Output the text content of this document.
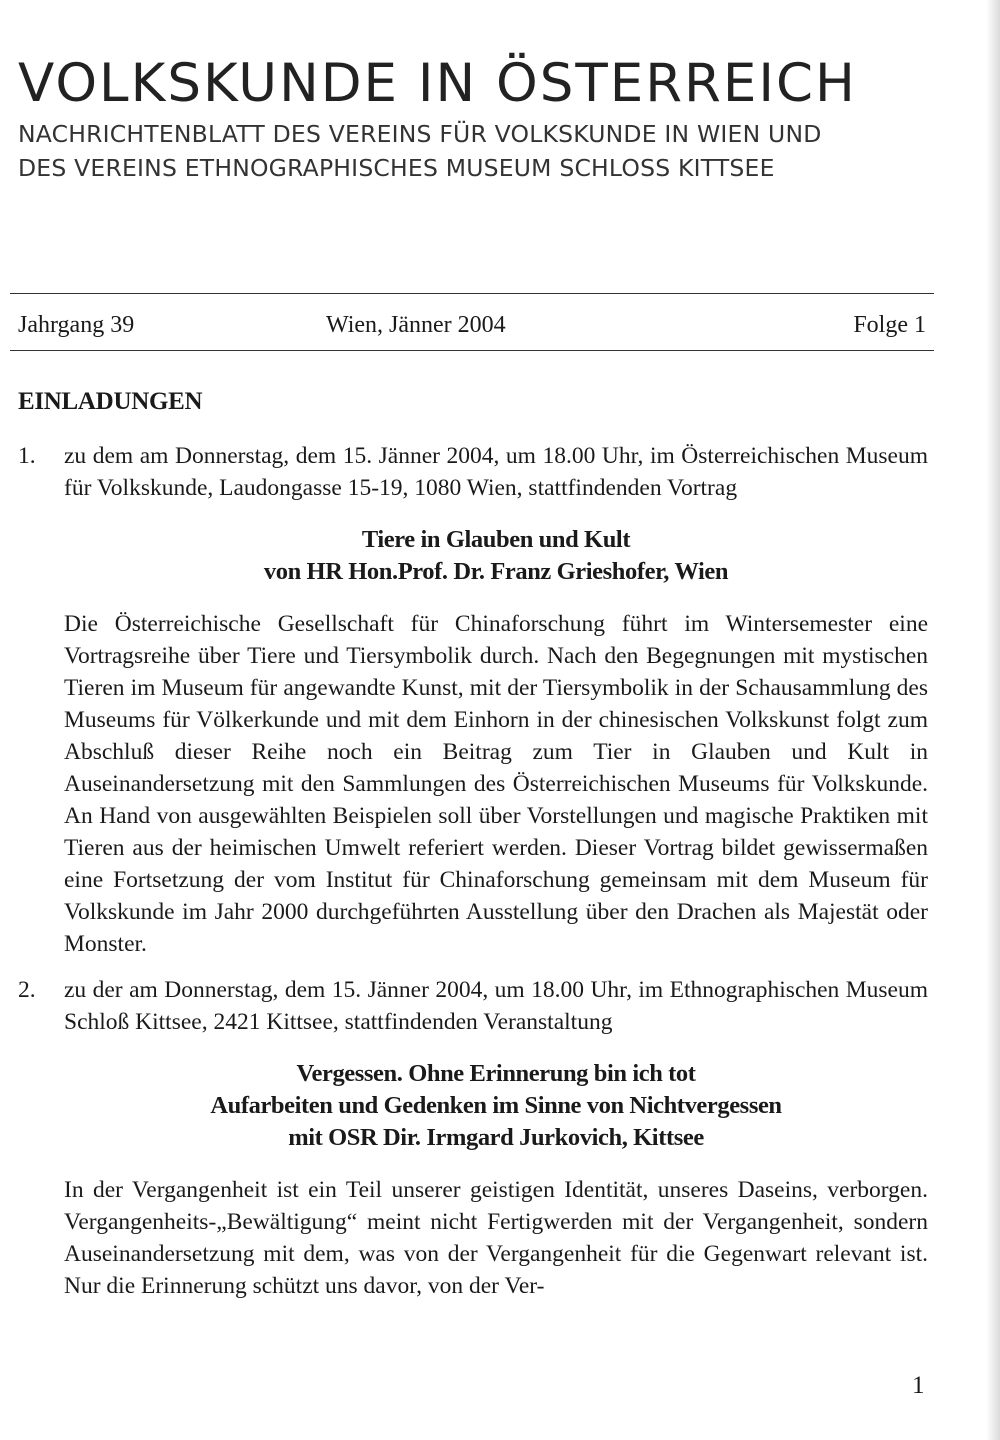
VOLKSKUNDE IN ÖSTERREICH
NACHRICHTENBLATT DES VEREINS FÜR VOLKSKUNDE IN WIEN UND
DES VEREINS ETHNOGRAPHISCHES MUSEUM SCHLOSS KITTSEE
Jahrgang 39	Wien, Jänner 2004	Folge 1
EINLADUNGEN
1. zu dem am Donnerstag, dem 15. Jänner 2004, um 18.00 Uhr, im Österreichischen Museum für Volkskunde, Laudongasse 15-19, 1080 Wien, stattfindenden Vortrag

Tiere in Glauben und Kult
von HR Hon.Prof. Dr. Franz Grieshofer, Wien

Die Österreichische Gesellschaft für Chinaforschung führt im Wintersemester eine Vortragsreihe über Tiere und Tiersymbolik durch. Nach den Begegnungen mit mystischen Tieren im Museum für angewandte Kunst, mit der Tiersymbolik in der Schausammlung des Museums für Völkerkunde und mit dem Einhorn in der chinesischen Volkskunst folgt zum Abschluß dieser Reihe noch ein Beitrag zum Tier in Glauben und Kult in Auseinandersetzung mit den Sammlungen des Österreichischen Museums für Volkskunde. An Hand von ausgewählten Beispielen soll über Vorstellungen und magische Praktiken mit Tieren aus der heimischen Umwelt referiert werden. Dieser Vortrag bildet gewissermaßen eine Fortsetzung der vom Institut für Chinaforschung gemeinsam mit dem Museum für Volkskunde im Jahr 2000 durchgeführten Ausstellung über den Drachen als Majestät oder Monster.

2. zu der am Donnerstag, dem 15. Jänner 2004, um 18.00 Uhr, im Ethnographischen Museum Schloß Kittsee, 2421 Kittsee, stattfindenden Veranstaltung

Vergessen. Ohne Erinnerung bin ich tot
Aufarbeiten und Gedenken im Sinne von Nichtvergessen
mit OSR Dir. Irmgard Jurkovich, Kittsee

In der Vergangenheit ist ein Teil unserer geistigen Identität, unseres Daseins, verborgen. Vergangenheits-„Bewältigung“ meint nicht Fertigwerden mit der Vergangenheit, sondern Auseinandersetzung mit dem, was von der Vergangenheit für die Gegenwart relevant ist. Nur die Erinnerung schützt uns davor, von der Ver-

1
